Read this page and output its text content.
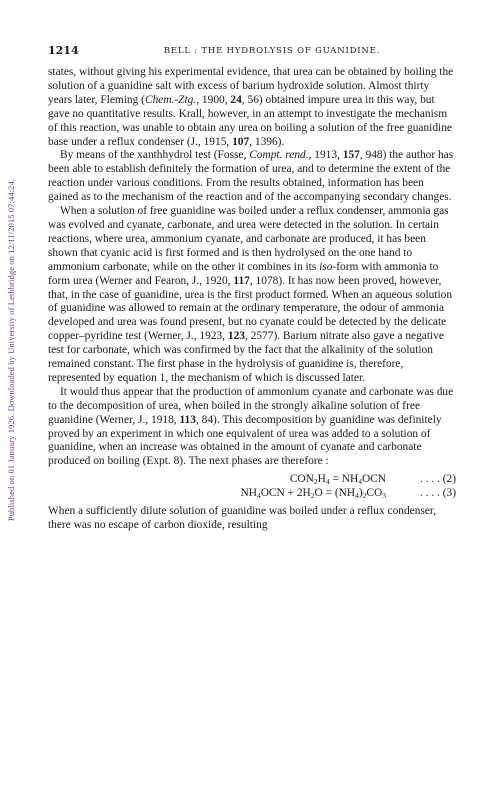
Published on 01 January 1926. Downloaded by University of Lethbridge on 12/11/2015 07:44:24.
1214	BELL : THE HYDROLYSIS OF GUANIDINE.

states, without giving his experimental evidence, that urea can be obtained by boiling the solution of a guanidine salt with excess of barium hydroxide solution. Almost thirty years later, Fleming (Chem.-Ztg., 1900, 24, 56) obtained impure urea in this way, but gave no quantitative results. Krall, however, in an attempt to investigate the mechanism of this reaction, was unable to obtain any urea on boiling a solution of the free guanidine base under a reflux condenser (J., 1915, 107, 1396).

By means of the xanthhydrol test (Fosse, Compt. rend., 1913, 157, 948) the author has been able to establish definitely the formation of urea, and to determine the extent of the reaction under various conditions. From the results obtained, information has been gained as to the mechanism of the reaction and of the accompanying secondary changes.

When a solution of free guanidine was boiled under a reflux condenser, ammonia gas was evolved and cyanate, carbonate, and urea were detected in the solution. In certain reactions, where urea, ammonium cyanate, and carbonate are produced, it has been shown that cyanic acid is first formed and is then hydrolysed on the one hand to ammonium carbonate, while on the other it combines in its iso-form with ammonia to form urea (Werner and Fearon, J., 1920, 117, 1078). It has now been proved, however, that, in the case of guanidine, urea is the first product formed. When an aqueous solution of guanidine was allowed to remain at the ordinary temperature, the odour of ammonia developed and urea was found present, but no cyanate could be detected by the delicate copper–pyridine test (Werner, J., 1923, 123, 2577). Barium nitrate also gave a negative test for carbonate, which was confirmed by the fact that the alkalinity of the solution remained constant. The first phase in the hydrolysis of guanidine is, therefore, represented by equation 1, the mechanism of which is discussed later.

It would thus appear that the production of ammonium cyanate and carbonate was due to the decomposition of urea, when boiled in the strongly alkaline solution of free guanidine (Werner, J., 1918, 113, 84). This decomposition by guanidine was definitely proved by an experiment in which one equivalent of urea was added to a solution of guanidine, when an increase was obtained in the amount of cyanate and carbonate produced on boiling (Expt. 8). The next phases are therefore :

$CON_2H_4 = NH_4OCN$	. . . . (2)
$NH_4OCN + 2H_2O = (NH_4)_2CO_3$	. . . . (3)

When a sufficiently dilute solution of guanidine was boiled under a reflux condenser, there was no escape of carbon dioxide, resulting
